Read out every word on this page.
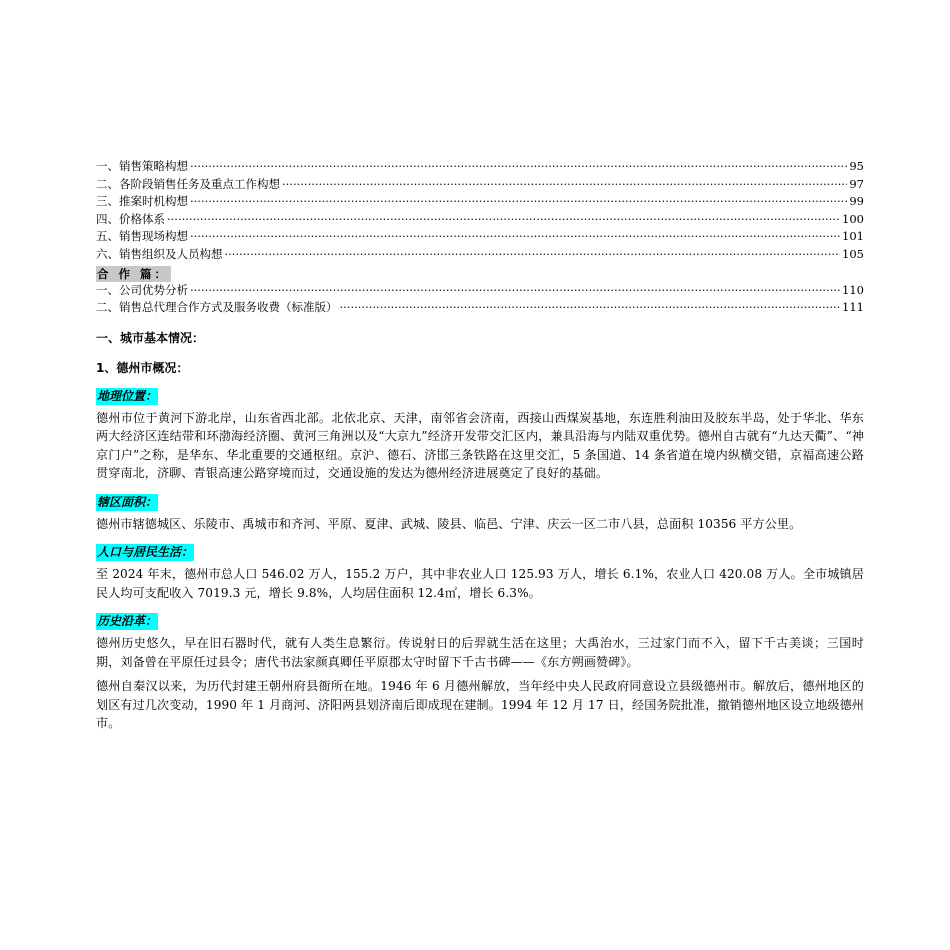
一、销售策略构想 ·····	95
二、各阶段销售任务及重点工作构想 ·····	97
三、推案时机构想 ·····	99
四、价格体系 ·····	100
五、销售现场构想 ·····	101
六、销售组织及人员构想 ·····	105
合 作 篇：
一、公司优势分析 ·····	110
二、销售总代理合作方式及服务收费（标准版） ·····	111
一、城市基本情况：
1、德州市概况：
地理位置：

德州市位于黄河下游北岸，山东省西北部。北依北京、天津，南邻省会济南，西接山西煤炭基地，东连胜利油田及胶东半岛，处于华北、华东两大经济区连结带和环渤海经济圈、黄河三角洲以及“大京九”经济开发带交汇区内，兼具沿海与内陆双重优势。德州自古就有“九达天衢”、“神京门户”之称，是华东、华北重要的交通枢纽。京沪、德石、济邯三条铁路在这里交汇，5 条国道、14 条省道在境内纵横交错，京福高速公路贯穿南北，济聊、青银高速公路穿境而过，交通设施的发达为德州经济进展奠定了良好的基础。

辖区面积：

德州市辖德城区、乐陵市、禹城市和齐河、平原、夏津、武城、陵县、临邑、宁津、庆云一区二市八县，总面积 10356 平方公里。

人口与居民生活：

至 2024 年末，德州市总人口 546.02 万人，155.2 万户，其中非农业人口 125.93 万人，增长 6.1%，农业人口 420.08 万人。全市城镇居民人均可支配收入 7019.3 元，增长 9.8%，人均居住面积 12.4㎡，增长 6.3%。

历史沿革：

德州历史悠久，早在旧石器时代，就有人类生息繁衍。传说射日的后羿就生活在这里；大禹治水，三过家门而不入，留下千古美谈；三国时期，刘备曾在平原任过县令；唐代书法家颜真卿任平原郡太守时留下千古书碑——《东方朔画赞碑》。

德州自秦汉以来，为历代封建王朝州府县衙所在地。1946 年 6 月德州解放，当年经中央人民政府同意设立县级德州市。解放后，德州地区的划区有过几次变动，1990 年 1 月商河、济阳两县划济南后即成现在建制。1994 年 12 月 17 日，经国务院批准，撤销德州地区设立地级德州市。
